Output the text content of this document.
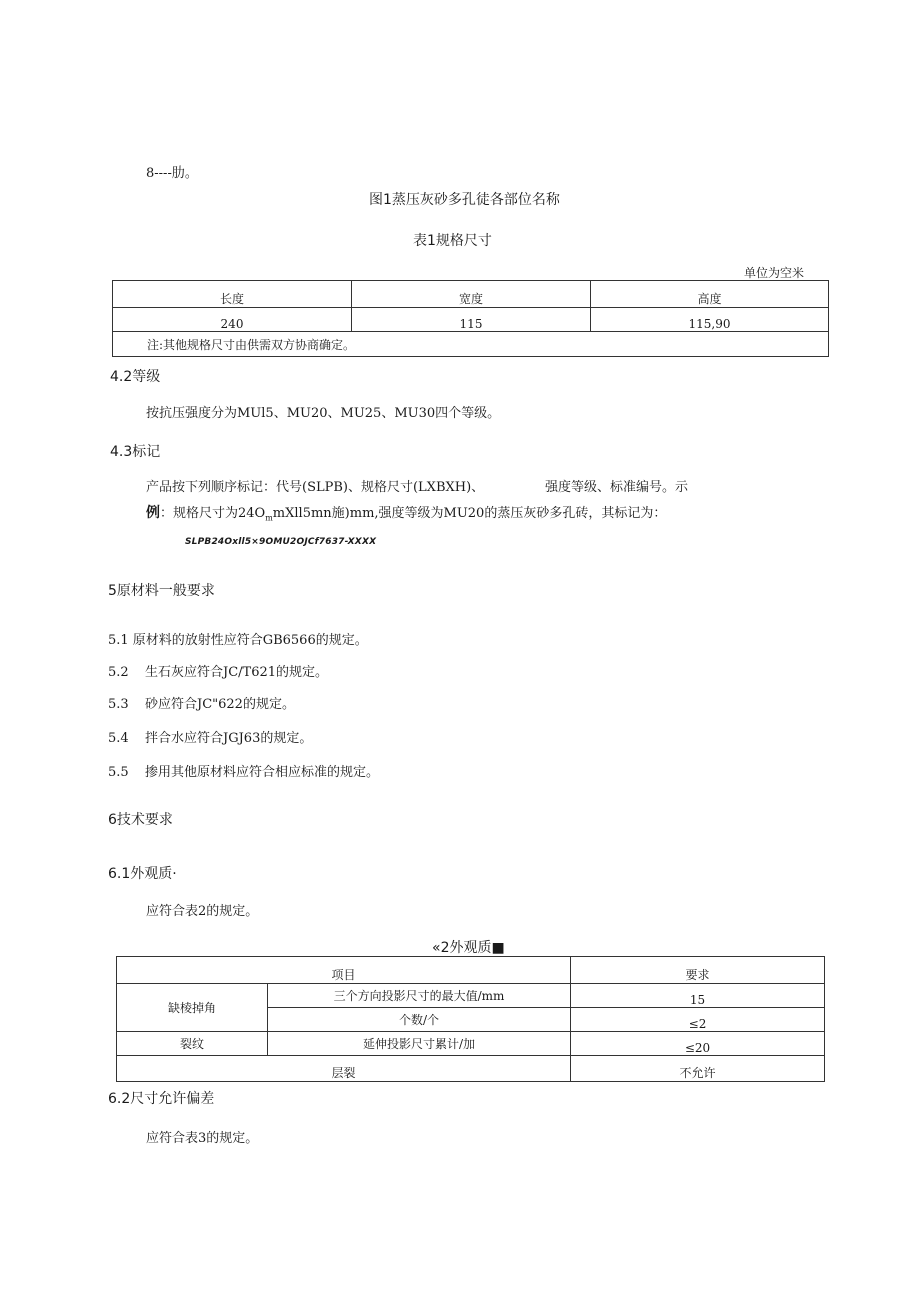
8----肋。
图1蒸压灰砂多孔徒各部位名称
表1规格尺寸
单位为空米
长度	宽度	高度
240	115	115,90
注:其他规格尺寸由供需双方协商确定。		
4.2等级
按抗压强度分为MUl5、MU20、MU25、MU30四个等级。
4.3标记
产品按下列顺序标记：代号(SLPB)、规格尺寸(LXBXH)、	强度等级、标准编号。示
例：规格尺寸为$24O_mmXll5mn$施)mm,强度等级为MU20的蒸压灰砂多孔砖，其标记为：
SLPB24Oxll5×9OMU2OJCf7637-XXXX
5原材料一般要求
5.1 原材料的放射性应符合GB6566的规定。
5.2 生石灰应符合JC/T621的规定。
5.3 砂应符合JC"622的规定。
5.4 拌合水应符合JGJ63的规定。
5.5 掺用其他原材料应符合相应标准的规定。
6技术要求
6.1外观质·
应符合表2的规定。
«2外观质■
项目		要求
缺棱掉角	三个方向投影尺寸的最大值/mm	15
	个数/个	≤2
裂纹	延伸投影尺寸累计/加	≤20
层裂		不允许
6.2尺寸允许偏差
应符合表3的规定。
